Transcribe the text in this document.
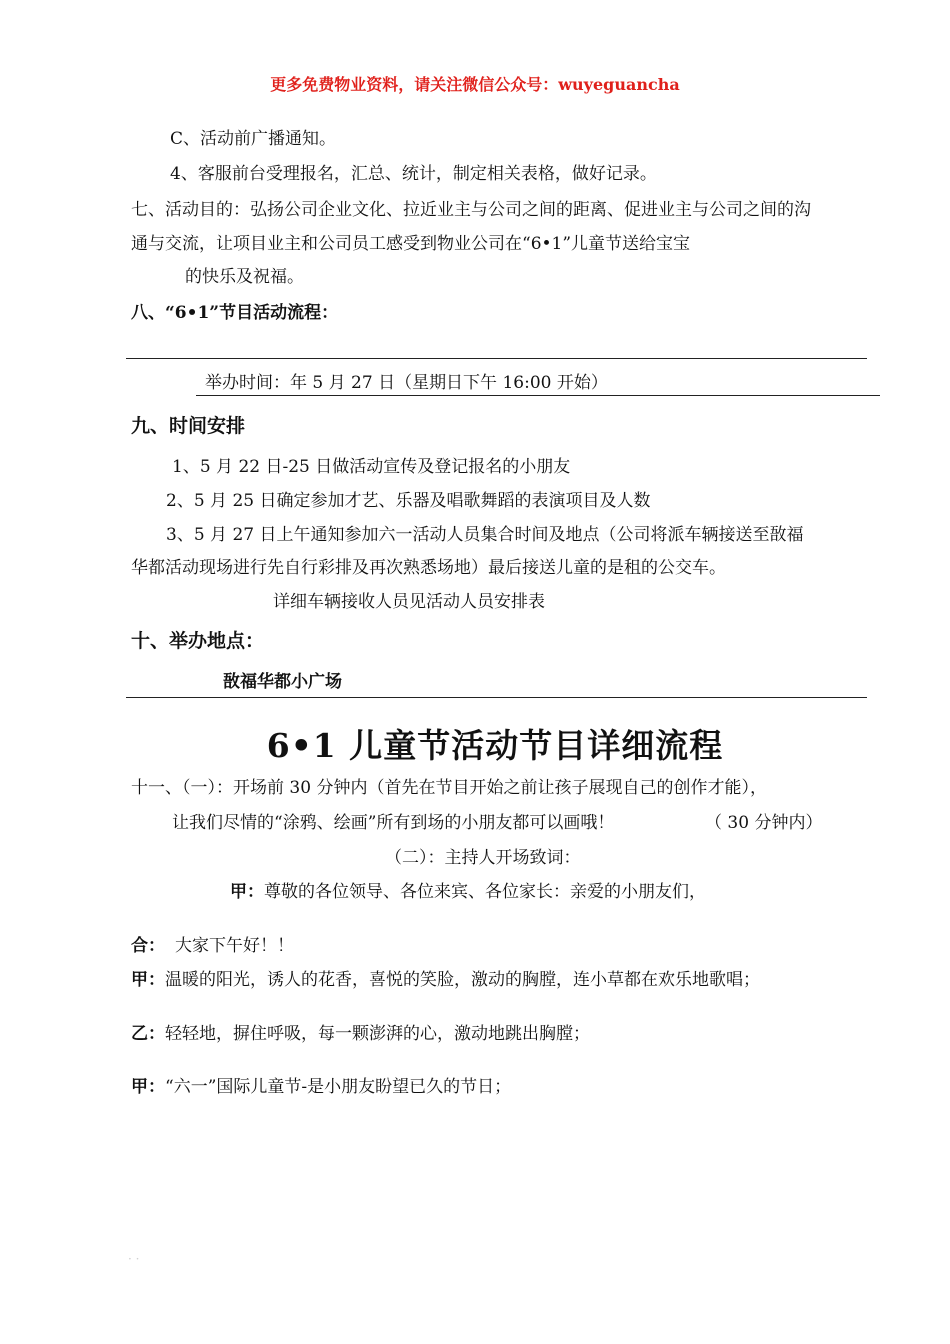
更多免费物业资料，请关注微信公众号：wuyeguancha
C、活动前广播通知。
4、客服前台受理报名，汇总、统计，制定相关表格，做好记录。
七、活动目的：弘扬公司企业文化、拉近业主与公司之间的距离、促进业主与公司之间的沟
通与交流，让项目业主和公司员工感受到物业公司在“6•1”儿童节送给宝宝
的快乐及祝福。
八、“6•1”节目活动流程：
举办时间：年 5 月 27 日（星期日下午 16:00 开始）
九、时间安排
1、5 月 22 日-25 日做活动宣传及登记报名的小朋友
2、5 月 25 日确定参加才艺、乐器及唱歌舞蹈的表演项目及人数
3、5 月 27 日上午通知参加六一活动人员集合时间及地点（公司将派车辆接送至敔福
华都活动现场进行先自行彩排及再次熟悉场地）最后接送儿童的是租的公交车。
详细车辆接收人员见活动人员安排表
十、举办地点：
敔福华都小广场
6•1 儿童节活动节目详细流程
十一、（一）：开场前 30 分钟内（首先在节目开始之前让孩子展现自己的创作才能），
让我们尽情的“涂鸦、绘画”所有到场的小朋友都可以画哦！	（ 30 分钟内）
（二）：主持人开场致词：
甲：尊敬的各位领导、各位来宾、各位家长：亲爱的小朋友们，
合： 大家下午好！！
甲：温暖的阳光，诱人的花香，喜悦的笑脸，激动的胸膛，连小草都在欢乐地歌唱；
乙：轻轻地，摒住呼吸，每一颗澎湃的心，激动地跳出胸膛；
甲：“六一”国际儿童节-是小朋友盼望已久的节日；
· ·
